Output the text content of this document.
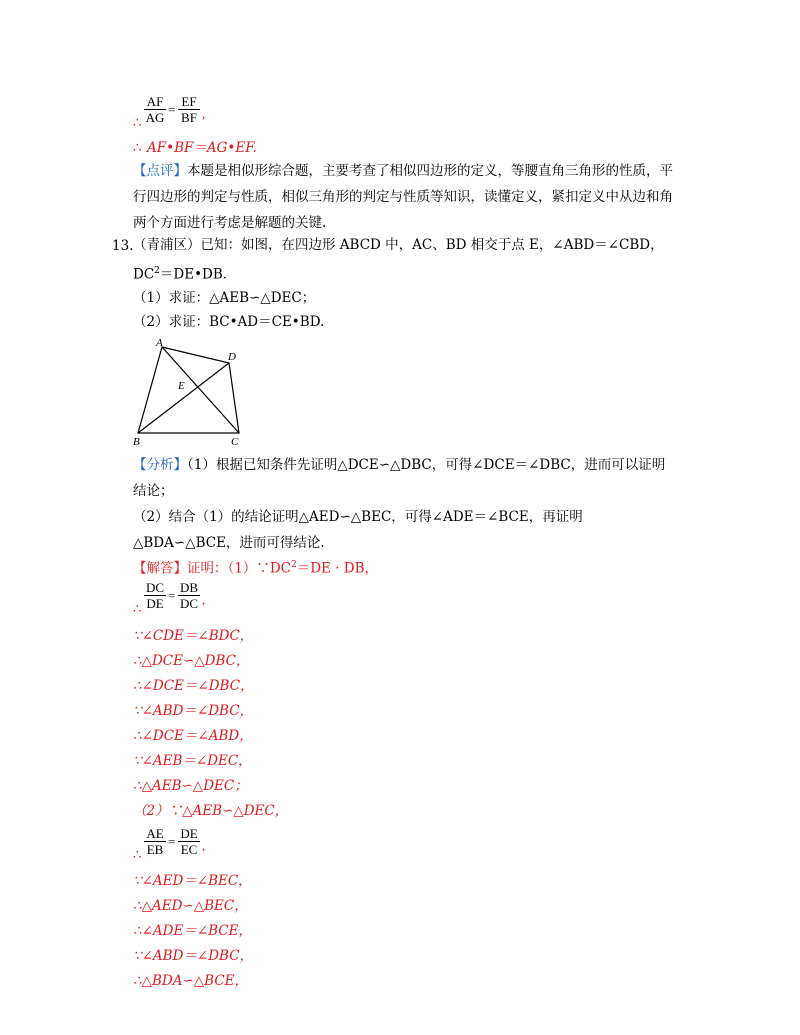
$\frac{AF}{AG} = \frac{EF}{BF}$ ,
∴
AF•BF＝AG•EF.
∴
【点评】本题是相似形综合题，主要考查了相似四边形的定义，等腰直角三角形的性质，平行四边形的判定与性质，相似三角形的判定与性质等知识，读懂定义，紧扣定义中从边和角两个方面进行考虑是解题的关键.
13. （青浦区）已知：如图，在四边形 ABCD 中，AC、BD 相交于点 E，∠ABD＝∠CBD，$DC^2=DE•DB$.
（1）求证：△AEB∽△DEC；
（2）求证：BC•AD＝CE•BD.
A
D
E
B	C
【分析】（1）根据已知条件先证明△DCE∽△DBC，可得∠DCE＝∠DBC，进而可以证明结论；
（2）结合（1）的结论证明△AED∽△BEC，可得∠ADE＝∠BCE，再证明△BDA∽△BCE，进而可得结论.
【解答】证明：$(1)\because DC^2=DE$ · DB，
$\frac{DC}{DE} = \frac{DB}{DC}$ ,
∴
∵∠CDE＝∠BDC，
∴△DCE∽△DBC，
∴∠DCE＝∠DBC，
∵∠ABD＝∠DBC，
∴∠DCE＝∠ABD，
∵∠AEB＝∠DEC，
∴△AEB∽△DEC；
（2）∵△AEB∽△DEC，
$\frac{AE}{EB} = \frac{DE}{EC}$ ,
∴
∵∠AED＝∠BEC，
∴△AED∽△BEC，
∴∠ADE＝∠BCE，
∵∠ABD＝∠DBC，
∴△BDA∽△BCE，
